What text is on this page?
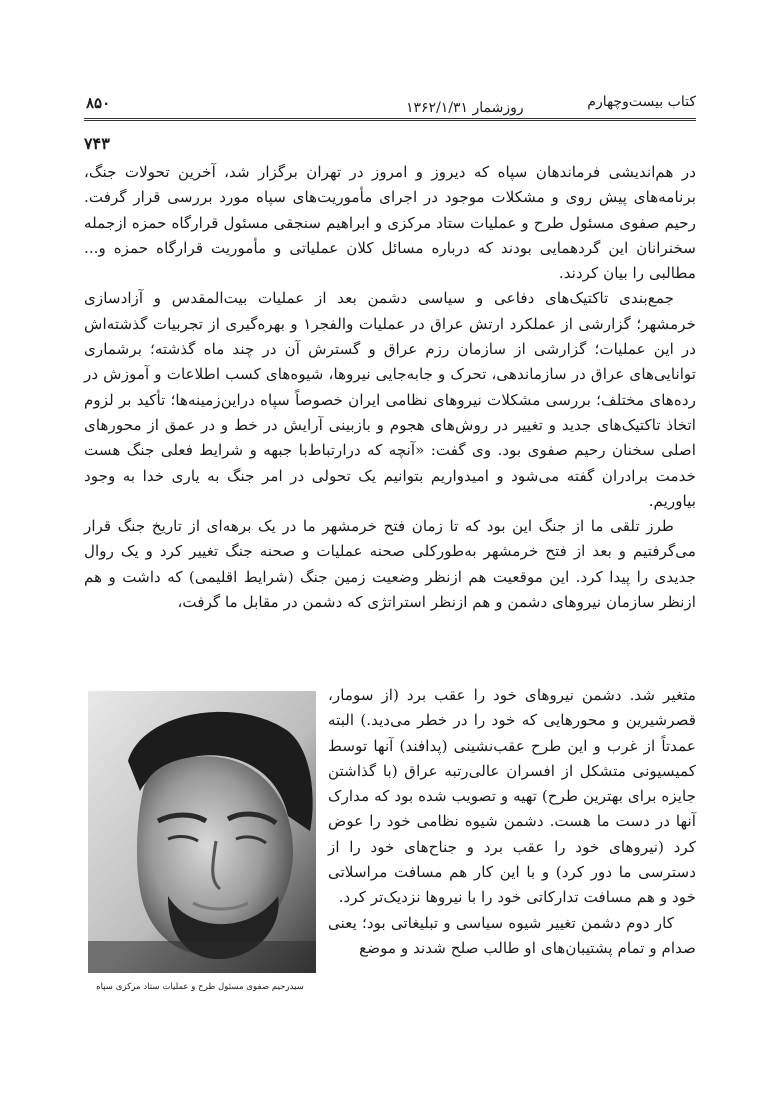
کتاب بیست‌وچهارم
روزشمار ۱۳۶۲/۱/۳۱
۸۵۰
۷۴۳

در هم‌اندیشی فرماندهان سپاه که دیروز و امروز در تهران برگزار شد، آخرین تحولات جنگ، برنامه‌های پیش روی و مشکلات موجود در اجرای مأموریت‌های سپاه مورد بررسی قرار گرفت. رحیم صفوی مسئول طرح و عملیات ستاد مرکزی و ابراهیم سنجقی مسئول قرارگاه حمزه ازجمله سخنرانان این گردهمایی بودند که درباره مسائل کلان عملیاتی و مأموریت قرارگاه حمزه و... مطالبی را بیان کردند.

جمع‌بندی تاکتیک‌های دفاعی و سیاسی دشمن بعد از عملیات بیت‌المقدس و آزادسازی خرمشهر؛ گزارشی از عملکرد ارتش عراق در عملیات والفجر۱ و بهره‌گیری از تجربیات گذشته‌اش در این عملیات؛ گزارشی از سازمان رزم عراق و گسترش آن در چند ماه گذشته؛ برشماری توانایی‌های عراق در سازماندهی، تحرک و جابه‌جایی نیروها، شیوه‌های کسب اطلاعات و آموزش در رده‌های مختلف؛ بررسی مشکلات نیروهای نظامی ایران خصوصاً سپاه دراین‌زمینه‌ها؛ تأکید بر لزوم اتخاذ تاکتیک‌های جدید و تغییر در روش‌های هجوم و بازبینی آرایش در خط و در عمق از محورهای اصلی سخنان رحیم صفوی بود. وی گفت: «آنچه که درارتباط‌با جبهه و شرایط فعلی جنگ هست خدمت برادران گفته می‌شود و امیدواریم بتوانیم یک تحولی در امر جنگ به یاری خدا به وجود بیاوریم.

طرز تلقی ما از جنگ این بود که تا زمان فتح خرمشهر ما در یک برهه‌ای از تاریخ جنگ قرار می‌گرفتیم و بعد از فتح خرمشهر به‌طورکلی صحنه عملیات و صحنه جنگ تغییر کرد و یک روال جدیدی را پیدا کرد. این موقعیت هم ازنظر وضعیت زمین جنگ (شرایط اقلیمی) که داشت و هم ازنظر سازمان نیروهای دشمن و هم ازنظر استراتژی که دشمن در مقابل ما گرفت،

سیدرحیم صفوی مسئول طرح و عملیات ستاد مرکزی سپاه

متغیر شد. دشمن نیروهای خود را عقب برد (از سومار، قصرشیرین و محورهایی که خود را در خطر می‌دید.) البته عمدتاً از غرب و این طرح عقب‌نشینی (پدافند) آنها توسط کمیسیونی متشکل از افسران عالی‌رتبه عراق (با گذاشتن جایزه برای بهترین طرح) تهیه و تصویب شده بود که مدارک آنها در دست ما هست. دشمن شیوه نظامی خود را عوض کرد (نیروهای خود را عقب برد و جناح‌های خود را از دسترسی ما دور کرد) و با این کار هم مسافت مراسلاتی خود و هم مسافت تدارکاتی خود را با نیروها نزدیک‌تر کرد.

کار دوم دشمن تغییر شیوه سیاسی و تبلیغاتی بود؛ یعنی صدام و تمام پشتیبان‌های او طالب صلح شدند و موضع
